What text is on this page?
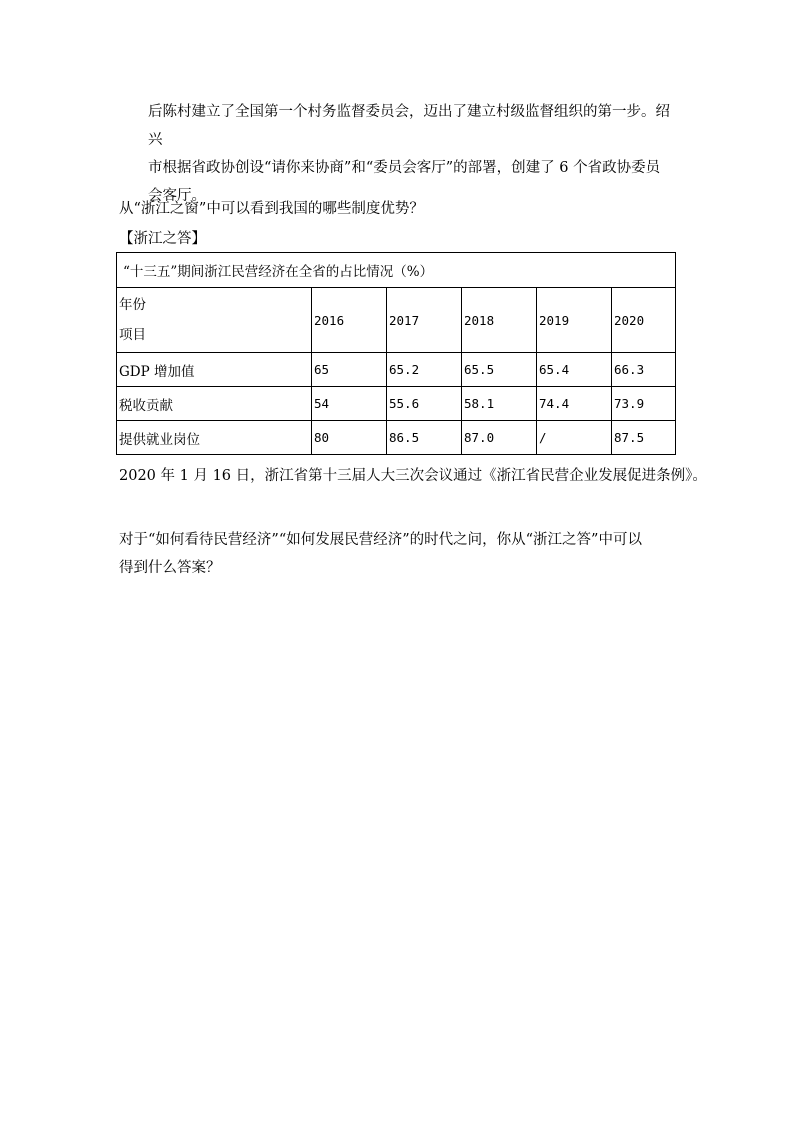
后陈村建立了全国第一个村务监督委员会，迈出了建立村级监督组织的第一步。绍兴
市根据省政协创设“请你来协商”和“委员会客厅”的部署，创建了 6 个省政协委员
会客厅。
从“浙江之窗”中可以看到我国的哪些制度优势？
【浙江之答】
“十三五”期间浙江民营经济在全省的占比情况（%）					

年份
项目	2016	2017	2018	2019	2020
GDP 增加值	65	65.2	65.5	65.4	66.3
税收贡献	54	55.6	58.1	74.4	73.9
提供就业岗位	80	86.5	87.0	/	87.5
2020 年 1 月 16 日，浙江省第十三届人大三次会议通过《浙江省民营企业发展促进条例》。
对于“如何看待民营经济”“如何发展民营经济”的时代之问，你从“浙江之答”中可以
得到什么答案？
